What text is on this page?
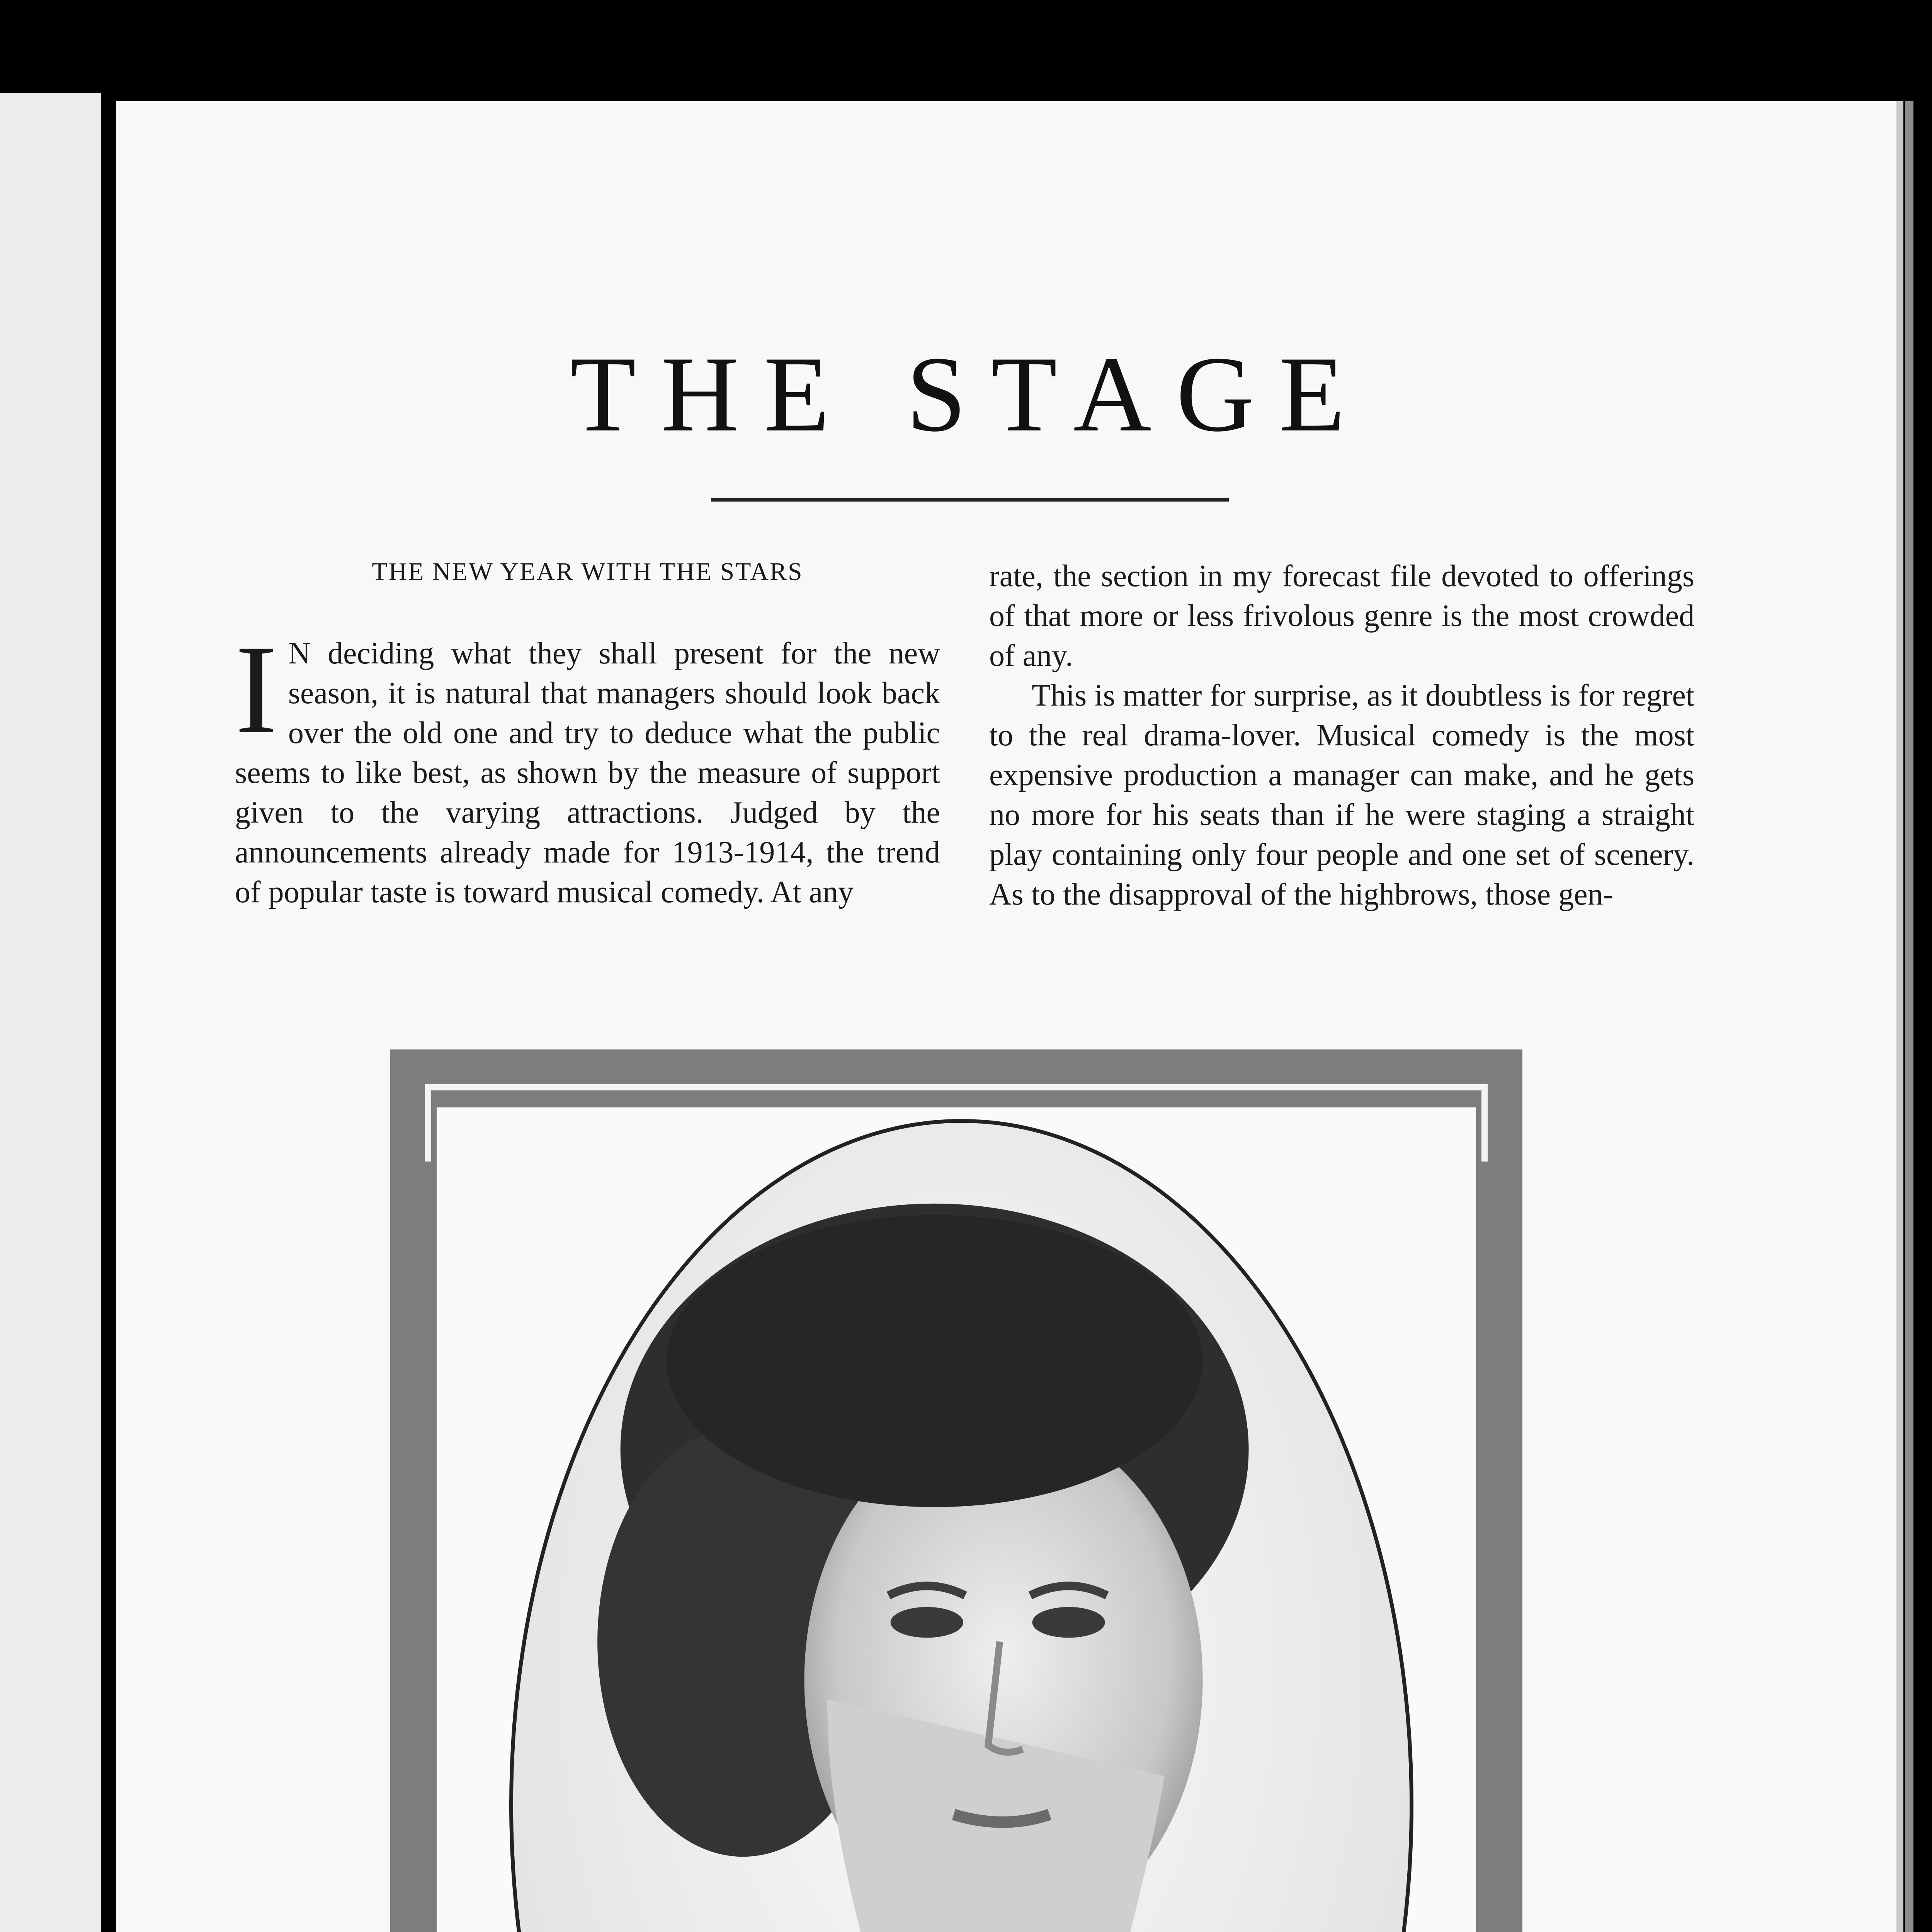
THE STAGE
THE NEW YEAR WITH THE STARS

I N deciding what they shall present for the new season, it is natural that managers should look back over the old one and try to deduce what the public seems to like best, as shown by the measure of support given to the varying attractions. Judged by the announcements already made for 1913-1914, the trend of popular taste is toward musical comedy. At any

rate, the section in my forecast file devoted to offerings of that more or less frivolous genre is the most crowded of any.

This is matter for surprise, as it doubtless is for regret to the real drama-lover. Musical comedy is the most expensive production a manager can make, and he gets no more for his seats than if he were staging a straight play containing only four people and one set of scenery. As to the disapproval of the highbrows, those gen-
